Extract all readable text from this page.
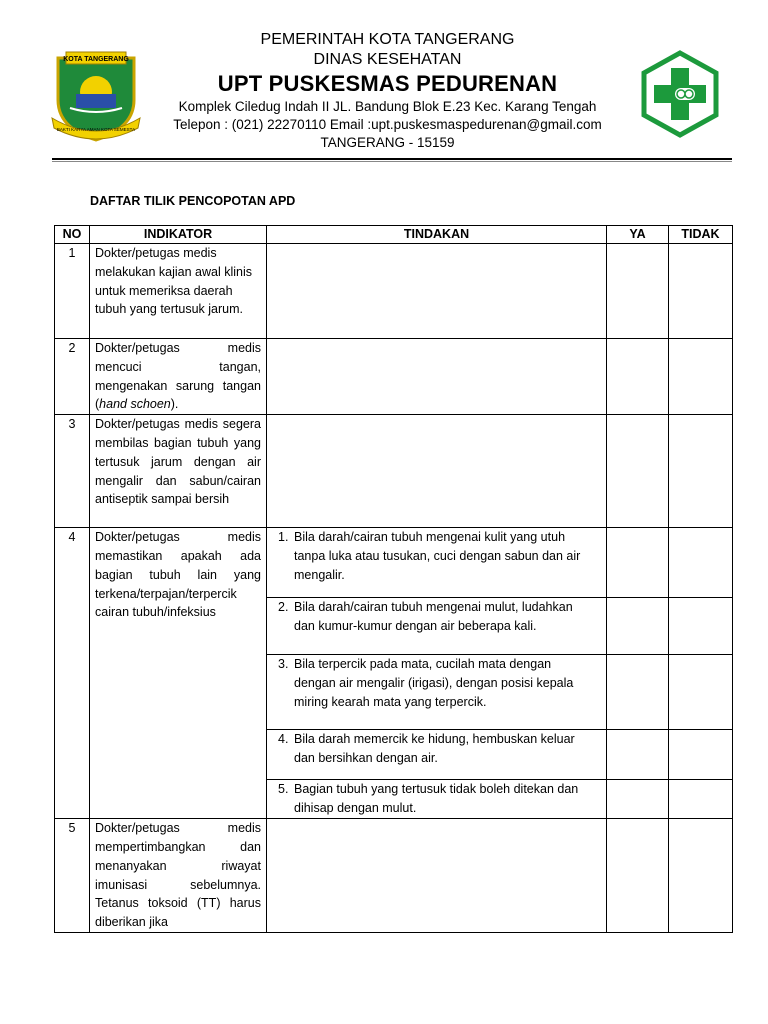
KOTA TANGERANG
BAKTI KARYA AMAN KOTA SEMESTA
PEMERINTAH KOTA TANGERANG
DINAS KESEHATAN
UPT PUSKESMAS PEDURENAN
Komplek Ciledug Indah II JL. Bandung Blok E.23 Kec. Karang Tengah
Telepon : (021) 22270110 Email :upt.puskesmaspedurenan@gmail.com
TANGERANG - 15159
DAFTAR TILIK PENCOPOTAN APD
NO	INDIKATOR	TINDAKAN	YA	TIDAK
1	Dokter/petugas medis melakukan kajian awal klinis untuk memeriksa daerah tubuh yang tertusuk jarum.			
2	Dokter/petugas medis mencuci tangan, mengenakan sarung tangan (hand schoen).			
3	Dokter/petugas medis segera membilas bagian tubuh yang tertusuk jarum dengan air mengalir dan sabun/cairan antiseptik sampai bersih			
4	Dokter/petugas medis memastikan apakah ada bagian tubuh lain yang terkena/terpajan/terpercik cairan tubuh/infeksius	1. Bila darah/cairan tubuh mengenai kulit yang utuh tanpa luka atau tusukan, cuci dengan sabun dan air mengalir.		

		2. Bila darah/cairan tubuh mengenai mulut, ludahkan dan kumur-kumur dengan air beberapa kali.		

		3. Bila terpercik pada mata, cucilah mata dengan dengan air mengalir (irigasi), dengan posisi kepala miring kearah mata yang terpercik.		

		4. Bila darah memercik ke hidung, hembuskan keluar dan bersihkan dengan air.		

		5. Bagian tubuh yang tertusuk tidak boleh ditekan dan dihisap dengan mulut.		

5	Dokter/petugas medis mempertimbangkan dan menanyakan riwayat imunisasi sebelumnya. Tetanus toksoid (TT) harus diberikan jika			
